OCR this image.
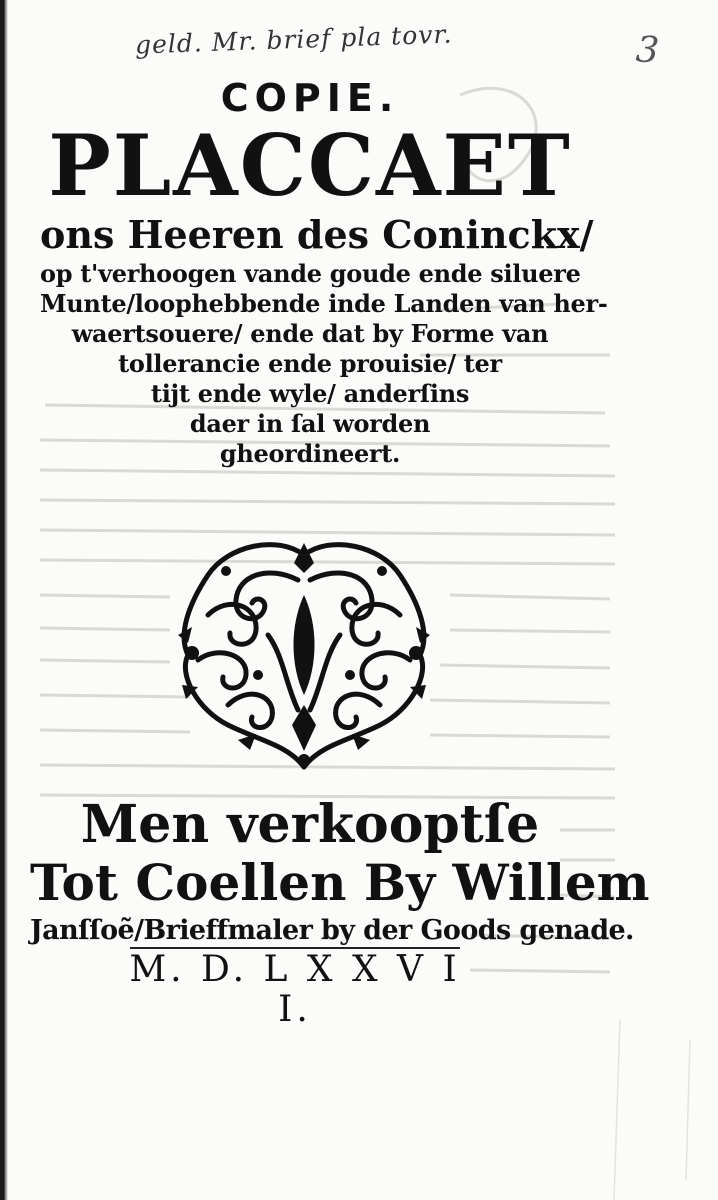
geld. Mr. brief pla tovr.	3

COPIE.

PLACCAET

ons Heeren des Coninckx/

op t'verhoogen vande goude ende siluere

Munte/loophebbende inde Landen van her-

waertsouere/ ende dat by Forme van

tollerancie ende prouisie/ ter

tijt ende wyle/ anderſins

daer in ſal worden

gheordineert.

Men verkooptſe

Tot Coellen By Willem

Janſſoẽ/Brieffmaler by der Goods genade.

M. D. L X X V I I.
